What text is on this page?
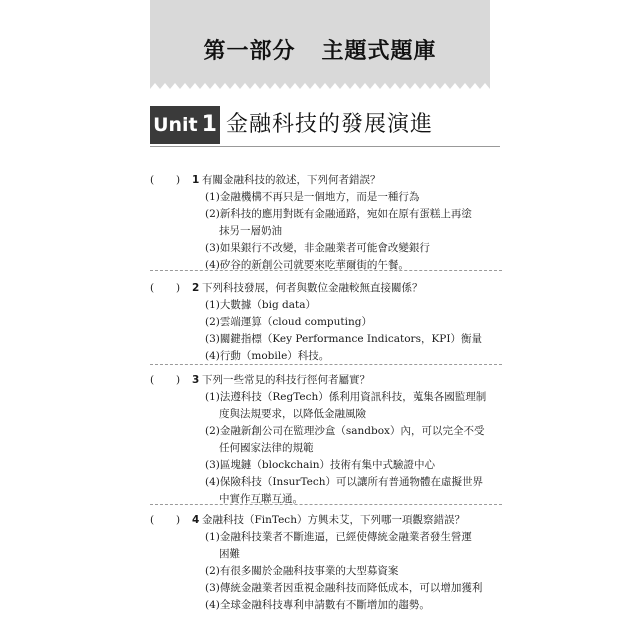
第一部分 主題式題庫
Unit 1 金融科技的發展演進
( ) 1 有關金融科技的敘述，下列何者錯誤？
(1)金融機構不再只是一個地方，而是一種行為
(2)新科技的應用對既有金融通路，宛如在原有蛋糕上再塗
抹另一層奶油
(3)如果銀行不改變，非金融業者可能會改變銀行
(4)矽谷的新創公司就要來吃華爾街的午餐。
( ) 2 下列科技發展，何者與數位金融較無直接關係？
(1)大數據（big data）
(2)雲端運算（cloud computing）
(3)關鍵指標（Key Performance Indicators，KPI）衡量
(4)行動（mobile）科技。
( ) 3 下列一些常見的科技行徑何者屬實？
(1)法遵科技（RegTech）係利用資訊科技，蒐集各國監理制
度與法規要求，以降低金融風險
(2)金融新創公司在監理沙盒（sandbox）內，可以完全不受
任何國家法律的規範
(3)區塊鏈（blockchain）技術有集中式驗證中心
(4)保險科技（InsurTech）可以讓所有普通物體在虛擬世界
中實作互聯互通。
( ) 4 金融科技（FinTech）方興未艾，下列哪一項觀察錯誤？
(1)金融科技業者不斷進逼，已經使傳統金融業者發生營運
困難
(2)有很多關於金融科技事業的大型募資案
(3)傳統金融業者因重視金融科技而降低成本，可以增加獲利
(4)全球金融科技專利申請數有不斷增加的趨勢。
